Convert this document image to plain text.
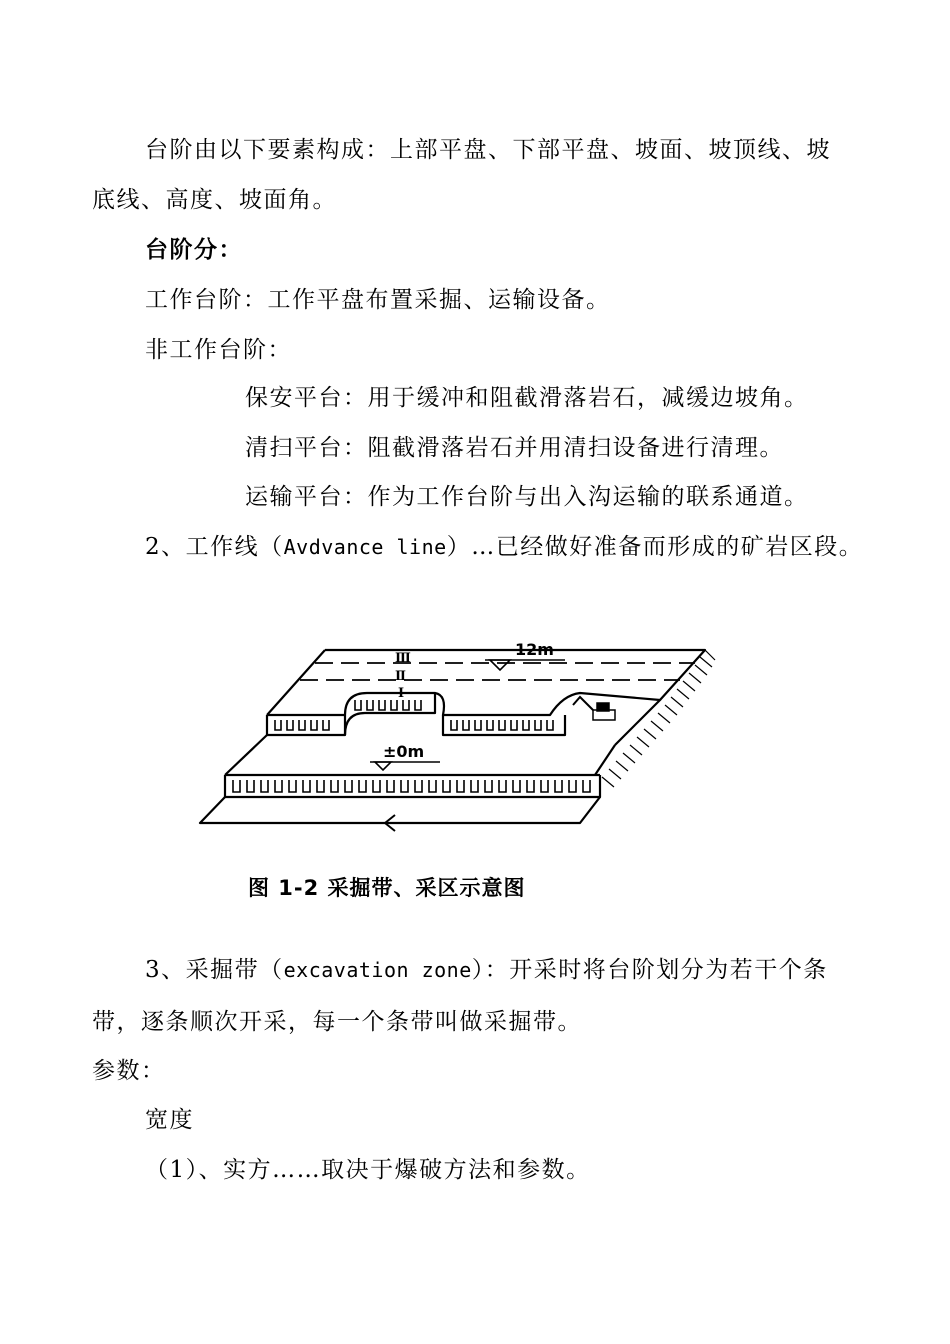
台阶由以下要素构成：上部平盘、下部平盘、坡面、坡顶线、坡
底线、高度、坡面角。
台阶分：
工作台阶：工作平盘布置采掘、运输设备。
非工作台阶：
保安平台：用于缓冲和阻截滑落岩石，减缓边坡角。
清扫平台：阻截滑落岩石并用清扫设备进行清理。
运输平台：作为工作台阶与出入沟运输的联系通道。
2、工作线（Avdvance line）…已经做好准备而形成的矿岩区段。
12m
±0m
Ⅲ
Ⅱ
Ⅰ
图 1-2 采掘带、采区示意图
3、采掘带（excavation zone）：开采时将台阶划分为若干个条
带，逐条顺次开采，每一个条带叫做采掘带。
参数：
宽度
（1）、实方……取决于爆破方法和参数。
